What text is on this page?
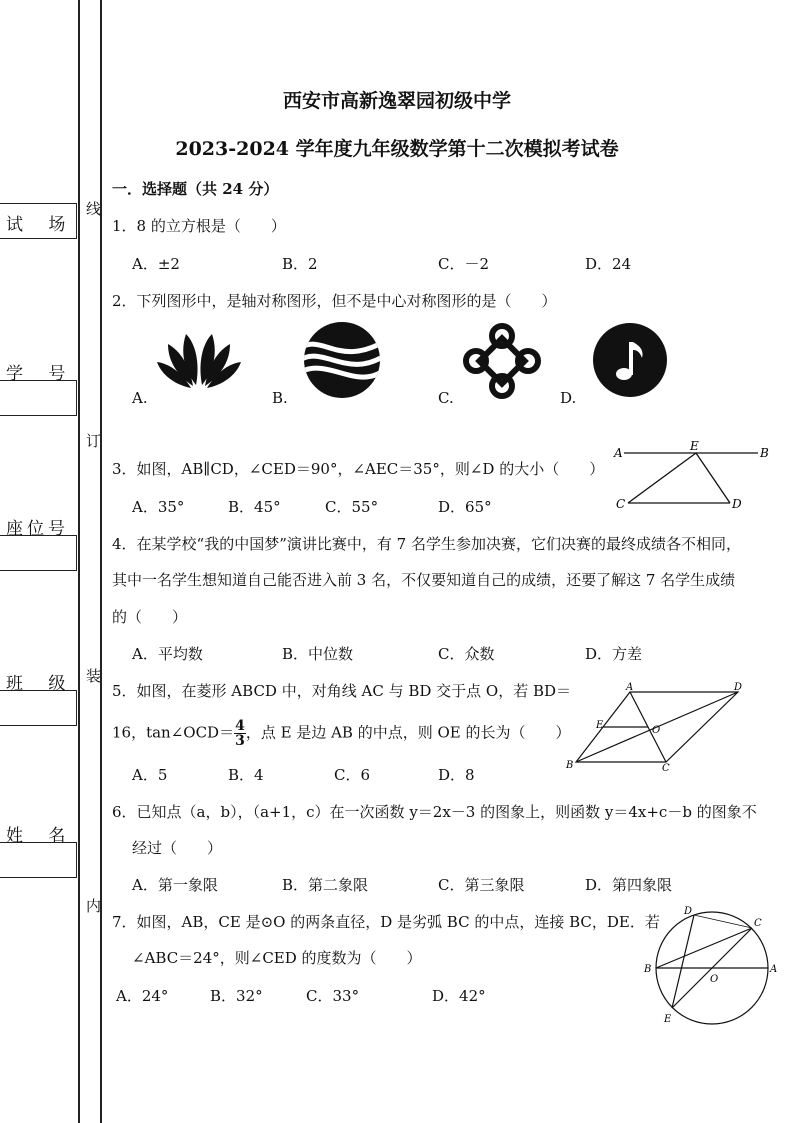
试 场
学 号
座位号
班 级
姓 名
线
订
装
内
西安市高新逸翠园初级中学
2023-2024 学年度九年级数学第十二次模拟考试卷
一．选择题（共 24 分）
1．8 的立方根是（　　）
A．±2	B．2	C．－2	D．24
2．下列图形中，是轴对称图形，但不是中心对称图形的是（　　）
A.	B.	C.	D.
3．如图，AB∥CD，∠CED＝90°，∠AEC＝35°，则∠D 的大小（　　）
A．35°	B．45°	C．55°	D．65°
A	E	B
C	D
4．在某学校“我的中国梦”演讲比赛中，有 7 名学生参加决赛，它们决赛的最终成绩各不相同，
其中一名学生想知道自己能否进入前 3 名，不仅要知道自己的成绩，还要了解这 7 名学生成绩
的（　　）
A．平均数	B．中位数	C．众数	D．方差
5．如图，在菱形 ABCD 中，对角线 AC 与 BD 交于点 O，若 BD＝
16，tan∠OCD＝ $\frac{4}{3}$ ，点 E 是边 AB 的中点，则 OE 的长为（　　）
A．5	B．4	C．6	D．8
A	D
E	O
B	C
6．已知点（a，b），（a+1，c）在一次函数 y＝2x－3 的图象上，则函数 y＝4x+c－b 的图象不
经过（　　）
A．第一象限	B．第二象限	C．第三象限	D．第四象限
7．如图，AB，CE 是⊙O 的两条直径，D 是劣弧 BC 的中点，连接 BC，DE．若
∠ABC＝24°，则∠CED 的度数为（　　）
A．24°	B．32°	C．33°	D．42°
D
C
B
O
A
E
